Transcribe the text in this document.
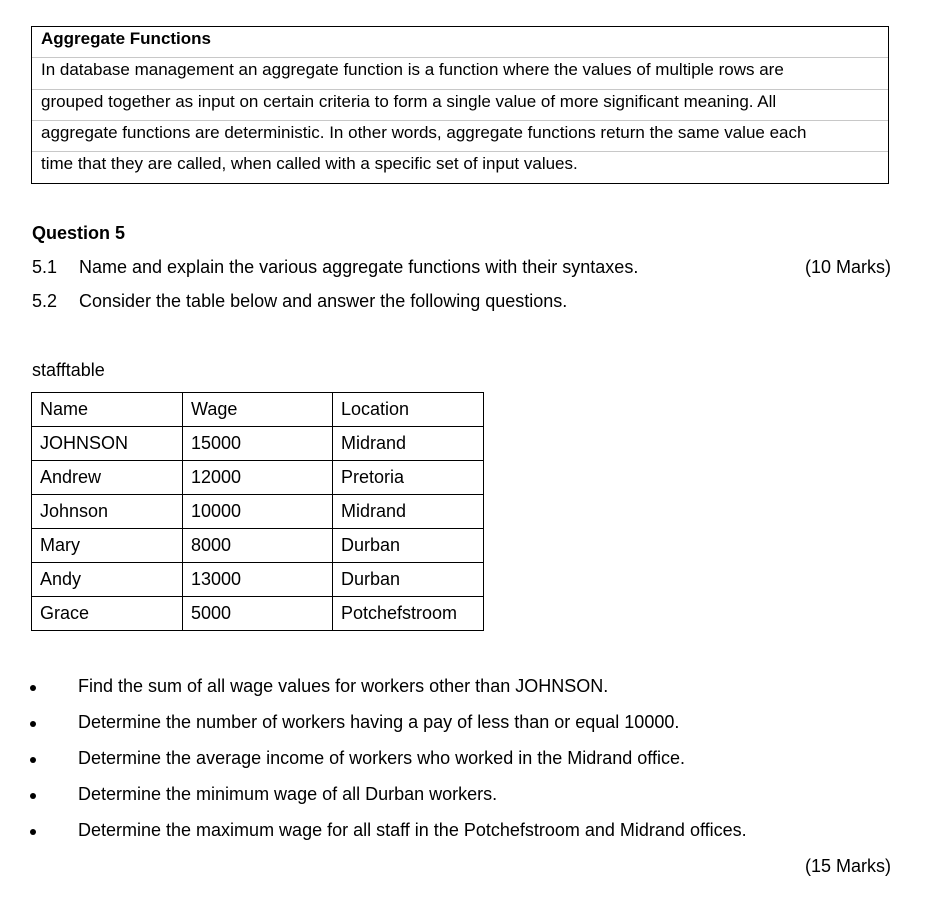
Aggregate Functions
In database management an aggregate function is a function where the values of multiple rows are
grouped together as input on certain criteria to form a single value of more significant meaning. All
aggregate functions are deterministic. In other words, aggregate functions return the same value each
time that they are called, when called with a specific set of input values.
Question 5
5.1 Name and explain the various aggregate functions with their syntaxes.	(10 Marks)
5.2 Consider the table below and answer the following questions.
stafftable
Name	Wage	Location
JOHNSON	15000	Midrand
Andrew	12000	Pretoria
Johnson	10000	Midrand
Mary	8000	Durban
Andy	13000	Durban
Grace	5000	Potchefstroom
Find the sum of all wage values for workers other than JOHNSON.
Determine the number of workers having a pay of less than or equal 10000.
Determine the average income of workers who worked in the Midrand office.
Determine the minimum wage of all Durban workers.
Determine the maximum wage for all staff in the Potchefstroom and Midrand offices.
(15 Marks)
